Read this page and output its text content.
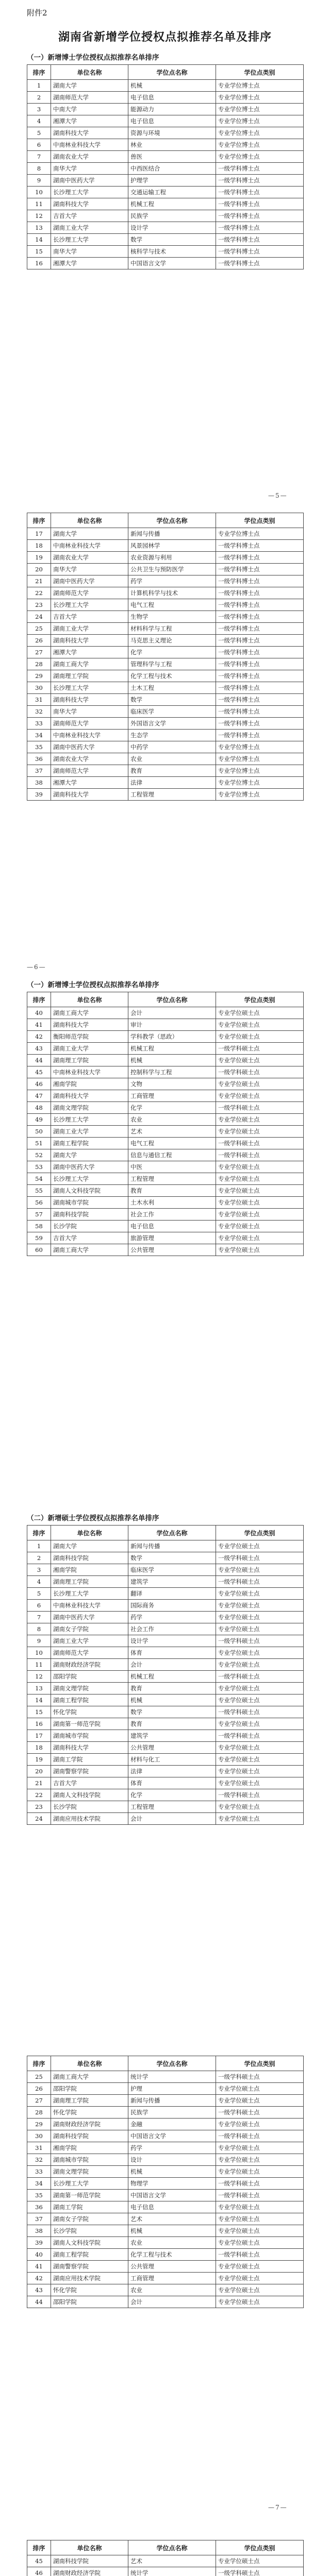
附件2
湖南省新增学位授权点拟推荐名单及排序
（一）新增博士学位授权点拟推荐名单排序
排序	单位名称	学位点名称	学位点类别
1	湖南大学	机械	专业学位博士点
2	湖南师范大学	电子信息	专业学位博士点
3	中南大学	能源动力	专业学位博士点
4	湘潭大学	电子信息	专业学位博士点
5	湖南科技大学	资源与环境	专业学位博士点
6	中南林业科技大学	林业	专业学位博士点
7	湖南农业大学	兽医	专业学位博士点
8	南华大学	中西医结合	一级学科博士点
9	湖南中医药大学	护理学	一级学科博士点
10	长沙理工大学	交通运输工程	一级学科博士点
11	湖南科技大学	机械工程	一级学科博士点
12	吉首大学	民族学	一级学科博士点
13	湖南工业大学	设计学	一级学科博士点
14	长沙理工大学	数学	一级学科博士点
15	南华大学	核科学与技术	一级学科博士点
16	湘潭大学	中国语言文学	一级学科博士点
排序	单位名称	学位点名称	学位点类别
17	湖南大学	新闻与传播	专业学位博士点
18	中南林业科技大学	风景园林学	一级学科博士点
19	湖南农业大学	农业资源与利用	一级学科博士点
20	南华大学	公共卫生与预防医学	一级学科博士点
21	湖南中医药大学	药学	一级学科博士点
22	湖南师范大学	计算机科学与技术	一级学科博士点
23	长沙理工大学	电气工程	一级学科博士点
24	吉首大学	生物学	一级学科博士点
25	湖南工业大学	材料科学与工程	一级学科博士点
26	湖南科技大学	马克思主义理论	一级学科博士点
27	湘潭大学	化学	一级学科博士点
28	湖南工商大学	管理科学与工程	一级学科博士点
29	湖南理工学院	化学工程与技术	一级学科博士点
30	长沙理工大学	土木工程	一级学科博士点
31	湖南科技大学	数学	一级学科博士点
32	南华大学	临床医学	一级学科博士点
33	湖南师范大学	外国语言文学	一级学科博士点
34	中南林业科技大学	生态学	一级学科博士点
35	湖南中医药大学	中药学	专业学位博士点
36	湖南农业大学	农业	专业学位博士点
37	湖南师范大学	教育	专业学位博士点
38	湘潭大学	法律	专业学位博士点
39	湖南科技大学	工程管理	专业学位博士点
（一）新增博士学位授权点拟推荐名单排序
排序	单位名称	学位点名称	学位点类别
40	湖南工商大学	会计	专业学位硕士点
41	湖南科技大学	审计	专业学位硕士点
42	衡阳师范学院	学科教学（思政）	专业学位硕士点
43	湖南工业大学	机械工程	一级学科硕士点
44	湖南理工学院	机械	专业学位硕士点
45	中南林业科技大学	控制科学与工程	一级学科硕士点
46	湘南学院	文物	专业学位硕士点
47	湖南科技大学	工商管理	专业学位硕士点
48	湖南文理学院	化学	一级学科硕士点
49	长沙理工大学	农业	专业学位硕士点
50	湖南工业大学	艺术	专业学位硕士点
51	湖南工程学院	电气工程	一级学科硕士点
52	湖南大学	信息与通信工程	一级学科硕士点
53	湖南中医药大学	中医	专业学位硕士点
54	长沙理工大学	工程管理	专业学位硕士点
55	湖南人文科技学院	教育	专业学位硕士点
56	湖南城市学院	土木水利	专业学位硕士点
57	湖南科技学院	社会工作	专业学位硕士点
58	长沙学院	电子信息	专业学位硕士点
59	吉首大学	旅游管理	专业学位硕士点
60	湖南工商大学	公共管理	专业学位硕士点
（二）新增硕士学位授权点拟推荐名单排序
排序	单位名称	学位点名称	学位点类别
1	湖南大学	新闻与传播	专业学位硕士点
2	湖南科技学院	数学	一级学科硕士点
3	湘南学院	临床医学	专业学位硕士点
4	湖南理工学院	建筑学	一级学科硕士点
5	长沙理工大学	翻译	专业学位硕士点
6	中南林业科技大学	国际商务	专业学位硕士点
7	湖南中医药大学	药学	专业学位硕士点
8	湖南女子学院	社会工作	专业学位硕士点
9	湖南工业大学	设计学	一级学科硕士点
10	湖南师范大学	体育	专业学位硕士点
11	湖南财政经济学院	会计	专业学位硕士点
12	邵阳学院	机械工程	一级学科硕士点
13	湖南文理学院	教育	专业学位硕士点
14	湖南工程学院	机械	专业学位硕士点
15	怀化学院	数学	一级学科硕士点
16	湖南第一师范学院	教育	专业学位硕士点
17	湖南城市学院	建筑学	一级学科硕士点
18	湖南科技大学	公共管理	专业学位硕士点
19	湖南工学院	材料与化工	专业学位硕士点
20	湖南警察学院	法律	专业学位硕士点
21	吉首大学	体育	专业学位硕士点
22	湖南人文科技学院	化学	一级学科硕士点
23	长沙学院	工程管理	专业学位硕士点
24	湖南应用技术学院	会计	专业学位硕士点
排序	单位名称	学位点名称	学位点类别
25	湖南工商大学	统计学	一级学科硕士点
26	邵阳学院	护理	专业学位硕士点
27	湖南理工学院	新闻与传播	专业学位硕士点
28	怀化学院	民族学	一级学科硕士点
29	湖南财政经济学院	金融	专业学位硕士点
30	湖南科技学院	中国语言文学	一级学科硕士点
31	湘南学院	药学	专业学位硕士点
32	湖南城市学院	设计	专业学位硕士点
33	湖南文理学院	机械	专业学位硕士点
34	长沙理工大学	物理学	一级学科硕士点
35	湖南第一师范学院	中国语言文学	一级学科硕士点
36	湖南工学院	电子信息	专业学位硕士点
37	湖南女子学院	艺术	专业学位硕士点
38	长沙学院	机械	专业学位硕士点
39	湖南人文科技学院	农业	专业学位硕士点
40	湖南工程学院	化学工程与技术	一级学科硕士点
41	湖南警察学院	公共管理	专业学位硕士点
42	湖南应用技术学院	工商管理	专业学位硕士点
43	怀化学院	农业	专业学位硕士点
44	邵阳学院	会计	专业学位硕士点
排序	单位名称	学位点名称	学位点类别
45	湖南科技学院	艺术	专业学位硕士点
46	湖南财政经济学院	统计学	一级学科硕士点

—5—
—6—
—7—
